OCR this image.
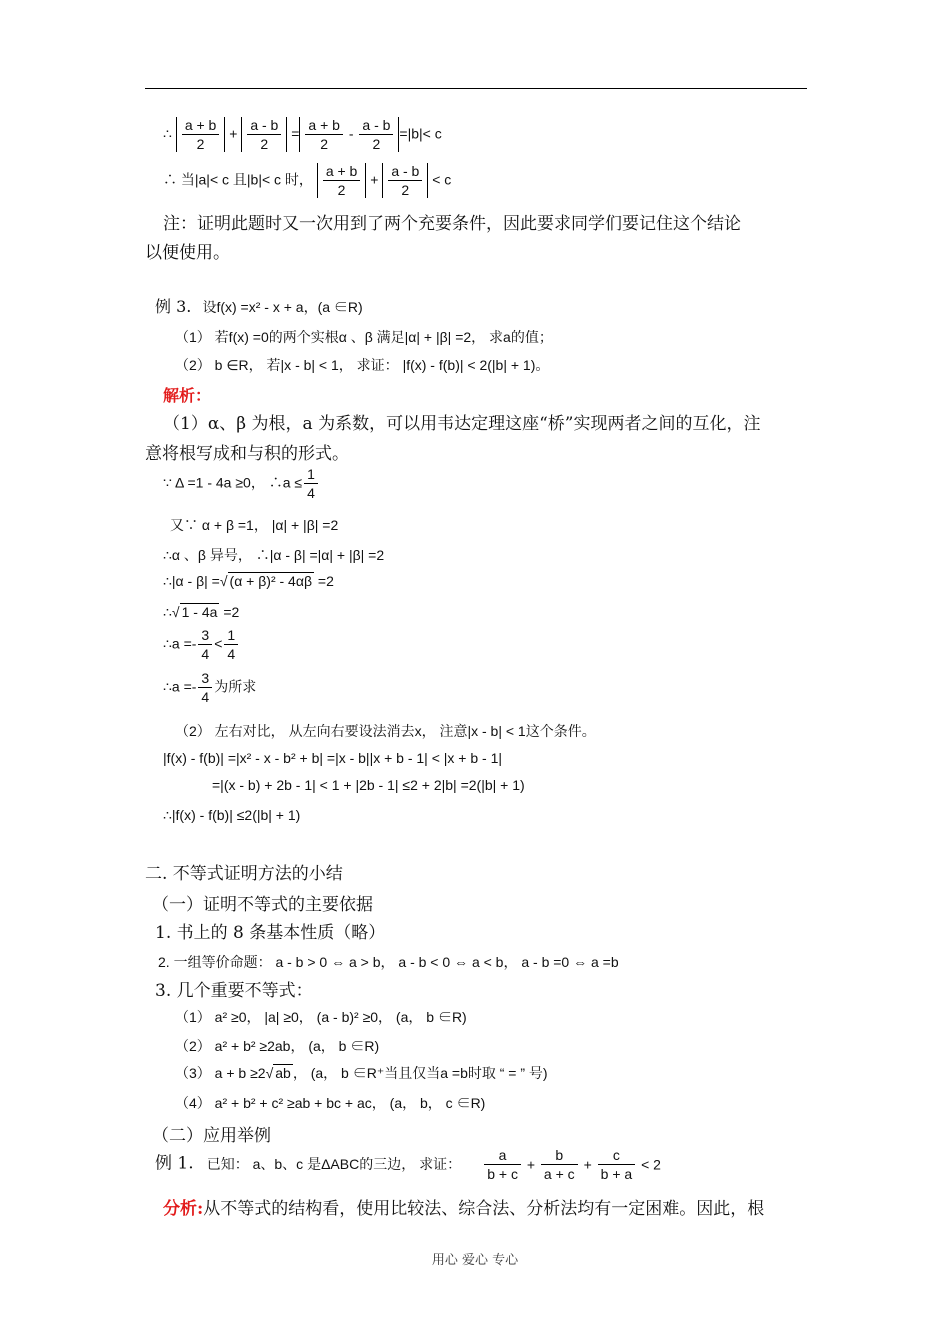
∴ $\frac{a + b}{2} + \frac{a - b}{2} = \frac{a + b}{2} - \frac{a - b}{2} =|b|< c$
∴ 当|a|< c 且|b|< c 时， $\frac{a + b}{2} + \frac{a - b}{2} < c$
注：证明此题时又一次用到了两个充要条件，因此要求同学们要记住这个结论
以便使用。
例 3. 设f(x) =x² - x + a，(a ∈R)
（1） 若f(x) =0的两个实根α 、β 满足|α| + |β| =2， 求a的值；
（2） b ∈R， 若|x - b| < 1， 求证： |f(x) - f(b)| < 2(|b| + 1)。
解析：
（1）α、β 为根，a 为系数，可以用韦达定理这座“桥”实现两者之间的互化，注
意将根写成和与积的形式。
∵ Δ =1 - 4a ≥0， ∴a ≤ $\frac{1}{4}$
又∵ α + β =1， |α| + |β| =2
∴α 、β 异号， ∴|α - β| =|α| + |β| =2
∴|α - β| =√ (α + β)² - 4αβ =2
∴√ 1 - 4a =2
∴a =- $\frac{3}{4} < \frac{1}{4}$
∴a =- $\frac{3}{4}$ 为所求
（2） 左右对比， 从左向右要设法消去x， 注意|x - b| < 1这个条件。
|f(x) - f(b)| =|x² - x - b² + b| =|x - b||x + b - 1| < |x + b - 1|
=|(x - b) + 2b - 1| < 1 + |2b - 1| ≤2 + 2|b| =2(|b| + 1)
∴|f(x) - f(b)| ≤2(|b| + 1)
二. 不等式证明方法的小结
（一）证明不等式的主要依据
1. 书上的 8 条基本性质（略）
2. 一组等价命题： a - b > 0 ⇔ a > b， a - b < 0 ⇔ a < b， a - b =0 ⇔ a =b
3. 几个重要不等式：
（1） a² ≥0， |a| ≥0， (a - b)² ≥0， (a， b ∈R)
（2） a² + b² ≥2ab， (a， b ∈R)
（3） a + b ≥2√ ab ， (a， b ∈R⁺当且仅当a =b时取 “ = ” 号)
（4） a² + b² + c² ≥ab + bc + ac， (a， b， c ∈R)
（二）应用举例
例 1. 已知： a、b、c 是ΔABC的三边， 求证： $\frac{a}{b + c} + \frac{b}{a + c} + \frac{c}{b + a} < 2$
分析:从不等式的结构看，使用比较法、综合法、分析法均有一定困难。因此，根
用心 爱心 专心
